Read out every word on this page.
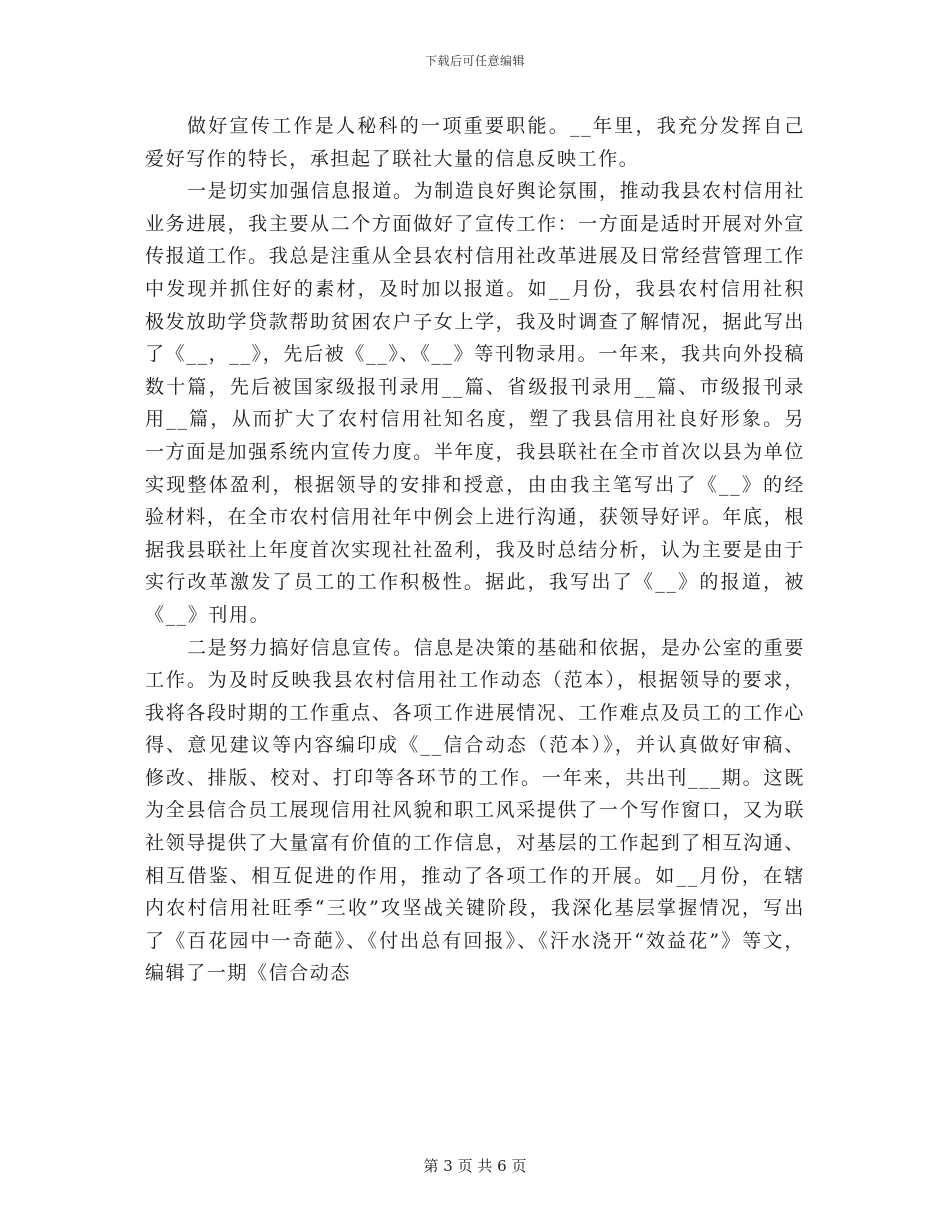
下载后可任意编辑

做好宣传工作是人秘科的一项重要职能。__年里，我充分发挥自己爱好写作的特长，承担起了联社大量的信息反映工作。

一是切实加强信息报道。为制造良好舆论氛围，推动我县农村信用社业务进展，我主要从二个方面做好了宣传工作：一方面是适时开展对外宣传报道工作。我总是注重从全县农村信用社改革进展及日常经营管理工作中发现并抓住好的素材，及时加以报道。如__月份，我县农村信用社积极发放助学贷款帮助贫困农户子女上学，我及时调查了解情况，据此写出了《__，__》，先后被《__》、《__》等刊物录用。一年来，我共向外投稿数十篇，先后被国家级报刊录用__篇、省级报刊录用__篇、市级报刊录用__篇，从而扩大了农村信用社知名度，塑了我县信用社良好形象。另一方面是加强系统内宣传力度。半年度，我县联社在全市首次以县为单位实现整体盈利，根据领导的安排和授意，由由我主笔写出了《__》的经验材料，在全市农村信用社年中例会上进行沟通，获领导好评。年底，根据我县联社上年度首次实现社社盈利，我及时总结分析，认为主要是由于实行改革激发了员工的工作积极性。据此，我写出了《__》的报道，被《__》刊用。

二是努力搞好信息宣传。信息是决策的基础和依据，是办公室的重要工作。为及时反映我县农村信用社工作动态（范本），根据领导的要求，我将各段时期的工作重点、各项工作进展情况、工作难点及员工的工作心得、意见建议等内容编印成《__信合动态（范本）》，并认真做好审稿、修改、排版、校对、打印等各环节的工作。一年来，共出刊___期。这既为全县信合员工展现信用社风貌和职工风采提供了一个写作窗口，又为联社领导提供了大量富有价值的工作信息，对基层的工作起到了相互沟通、相互借鉴、相互促进的作用，推动了各项工作的开展。如__月份，在辖内农村信用社旺季“三收”攻坚战关键阶段，我深化基层掌握情况，写出了《百花园中一奇葩》、《付出总有回报》、《汗水浇开“效益花”》等文，编辑了一期《信合动态

第 3 页 共 6 页
